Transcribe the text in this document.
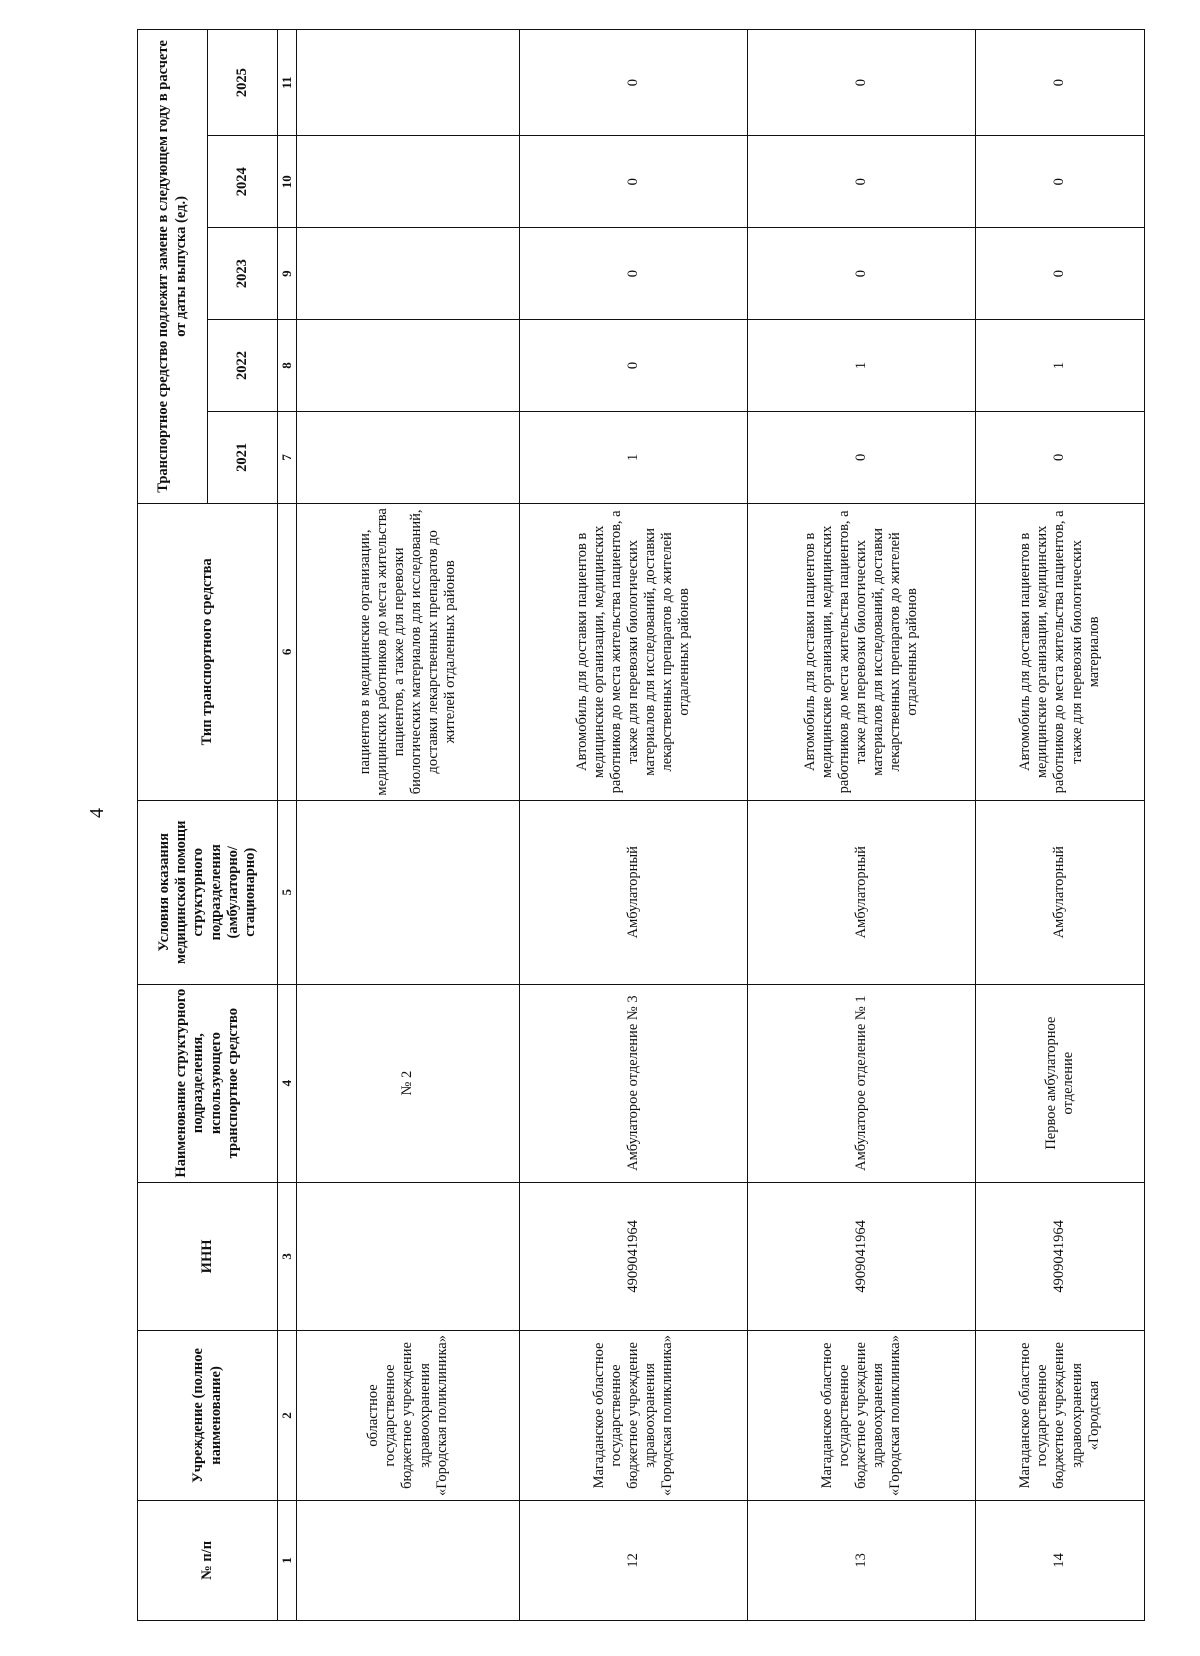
4
№ п/п	Учреждение (полное наименование)	ИНН	Наименование структурного подразделения, использующего транспортное средство	Условия оказания медицинской помощи структурного подразделения (амбулаторно/ стационарно)	Тип транспортного средства	Транспортное средство подлежит замене в следующем году в расчете от даты выпуска (ед.)				
						2021	2022	2023	2024	2025
1	2	3	4	5	6	7	8	9	10	11
	областное государственное бюджетное учреждение здравоохранения «Городская поликлиника»		№ 2		пациентов в медицинские организации, медицинских работников до места жительства пациентов, а также для перевозки биологических материалов для исследований, доставки лекарственных препаратов до жителей отдаленных районов					
12	Магаданское областное государственное бюджетное учреждение здравоохранения «Городская поликлиника»	4909041964	Амбулаторое отделение № 3	Амбулаторный	Автомобиль для доставки пациентов в медицинские организации, медицинских работников до места жительства пациентов, а также для перевозки биологических материалов для исследований, доставки лекарственных препаратов до жителей отдаленных районов	1	0	0	0	0
13	Магаданское областное государственное бюджетное учреждение здравоохранения «Городская поликлиника»	4909041964	Амбулаторое отделение № 1	Амбулаторный	Автомобиль для доставки пациентов в медицинские организации, медицинских работников до места жительства пациентов, а также для перевозки биологических материалов для исследований, доставки лекарственных препаратов до жителей отдаленных районов	0	1	0	0	0
14	Магаданское областное государственное бюджетное учреждение здравоохранения «Городская	4909041964	Первое амбулаторное отделение	Амбулаторный	Автомобиль для доставки пациентов в медицинские организации, медицинских работников до места жительства пациентов, а также для перевозки биологических материалов	0	1	0	0	0
